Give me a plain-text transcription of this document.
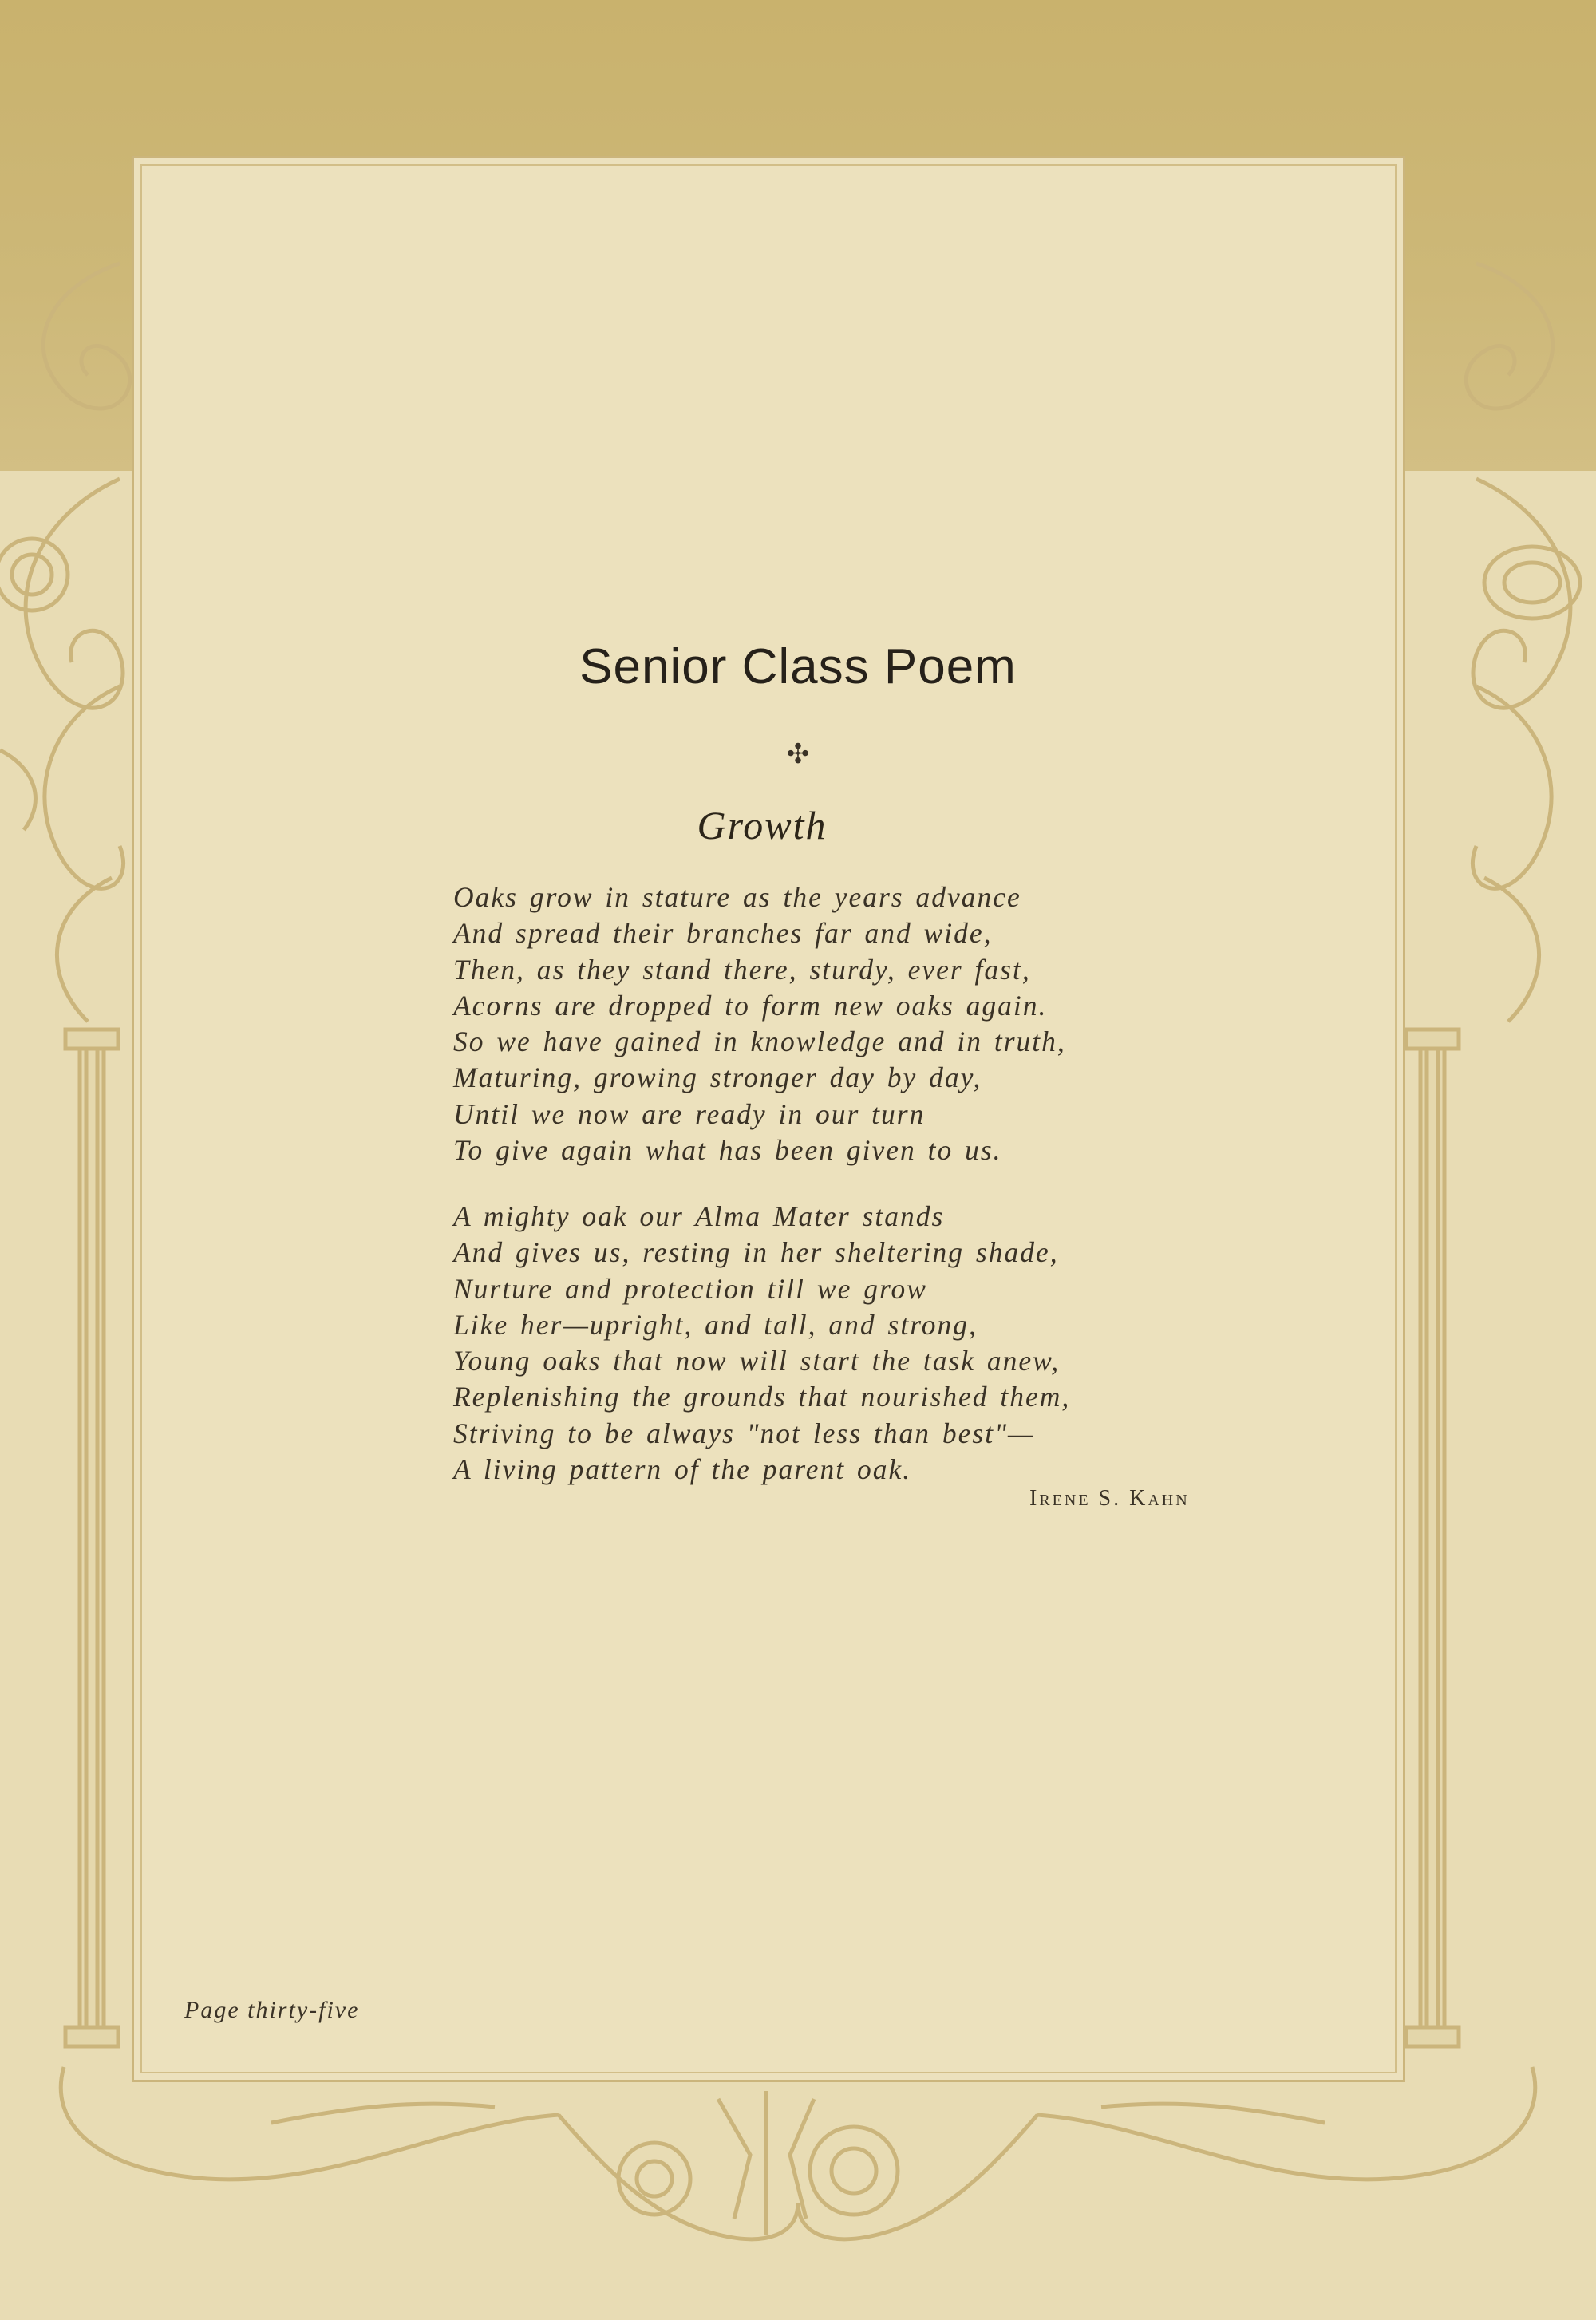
Senior Class Poem
✣
Growth
Oaks grow in stature as the years advance
And spread their branches far and wide,
Then, as they stand there, sturdy, ever fast,
Acorns are dropped to form new oaks again.
So we have gained in knowledge and in truth,
Maturing, growing stronger day by day,
Until we now are ready in our turn
To give again what has been given to us.
A mighty oak our Alma Mater stands
And gives us, resting in her sheltering shade,
Nurture and protection till we grow
Like her—upright, and tall, and strong,
Young oaks that now will start the task anew,
Replenishing the grounds that nourished them,
Striving to be always "not less than best"—
A living pattern of the parent oak.
Irene S. Kahn
Page thirty-five
